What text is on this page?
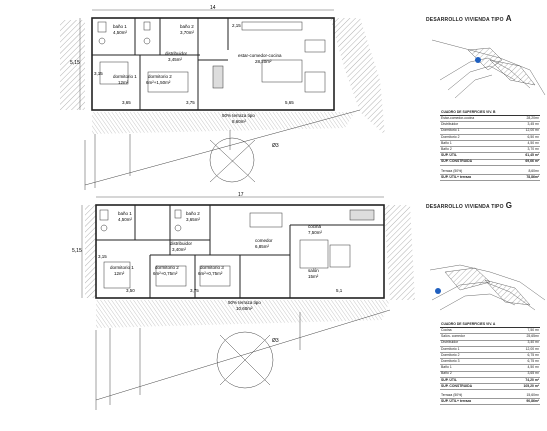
baño 1
4,50m²
baño 2
3,70m²
distribuidor
3,45m²
estar-comedor-cocina
28,20m²
dormitorio 1
12m²
dormitorio 2
6m²+1,50m²
50% terraza tipo
8,60m²
14
5,15
3,15
2,15
3,65	3,75	5,65
Ø3
baño 1
4,50m²
baño 2
3,65m²
distribuidor
3,40m²
comedor
6,85m²
cocina
7,50m²
dormitorio 1
12m²
dormitorio 2
6m²+0,75m²
dormitorio 3
6m²+0,75m²
salón
15m²
50% terraza tipo
10,60m²
17
5,15
3,15
3,50	3,75	5,1
Ø3
DESARROLLO VIVIENDA TIPO A
DESARROLLO VIVIENDA TIPO G
CUADRO DE SUPERFICIES VIV. B
Estar-comedor-cocina	28,20m²
Distribuidor	3,45 m²
Dormitorio 1	12,00 m²
Dormitorio 2	6,50 m²
Baño 1	4,50 m²
Baño 2	3,70 m²
SUP. ÚTIL	61,45 m²
SUP. CONSTRUIDA	69,66 m²
Terraza (50%)	8,60m²
SUP. ÚTIL+ terraza	78,86m²
CUADRO DE SUPERFICIES VIV. A
Cocina	7,50 m²
Salón- comedor	25,65m²
Distribuidor	3,40 m²
Dormitorio 1	12,00 m²
Dormitorio 2	6,75 m²
Dormitorio 3	6,75 m²
Baño 1	4,50 m²
Baño 2	3,65 m²
SUP. ÚTIL	74,20 m²
SUP. CONSTRUIDA	105,20 m²
Terraza (50%)	15,60m²
SUP. ÚTIL+ terraza	90,86m²
